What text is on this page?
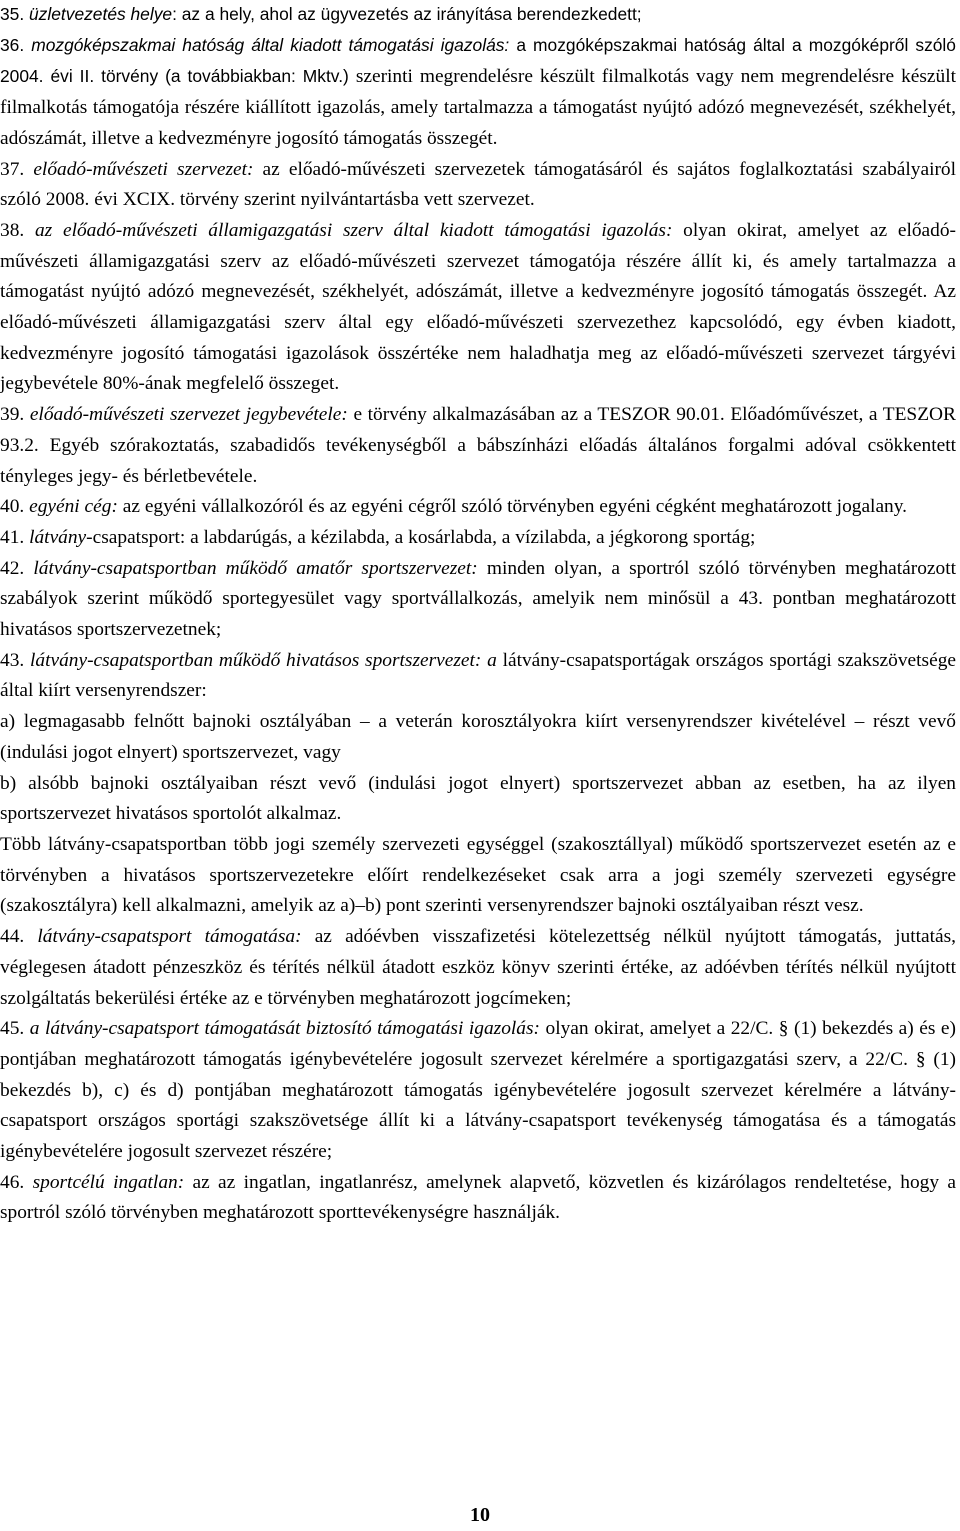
35. üzletvezetés helye: az a hely, ahol az ügyvezetés az irányítása berendezkedett;

36. mozgóképszakmai hatóság által kiadott támogatási igazolás: a mozgóképszakmai hatóság által a mozgóképről szóló 2004. évi II. törvény (a továbbiakban: Mktv.) szerinti megrendelésre készült filmalkotás vagy nem megrendelésre készült filmalkotás támogatója részére kiállított igazolás, amely tartalmazza a támogatást nyújtó adózó megnevezését, székhelyét, adószámát, illetve a kedvezményre jogosító támogatás összegét.

37. előadó-művészeti szervezet: az előadó-művészeti szervezetek támogatásáról és sajátos foglalkoztatási szabályairól szóló 2008. évi XCIX. törvény szerint nyilvántartásba vett szervezet.

38. az előadó-művészeti államigazgatási szerv által kiadott támogatási igazolás: olyan okirat, amelyet az előadó-művészeti államigazgatási szerv az előadó-művészeti szervezet támogatója részére állít ki, és amely tartalmazza a támogatást nyújtó adózó megnevezését, székhelyét, adószámát, illetve a kedvezményre jogosító támogatás összegét. Az előadó-művészeti államigazgatási szerv által egy előadó-művészeti szervezethez kapcsolódó, egy évben kiadott, kedvezményre jogosító támogatási igazolások összértéke nem haladhatja meg az előadó-művészeti szervezet tárgyévi jegybevétele 80%-ának megfelelő összeget.

39. előadó-művészeti szervezet jegybevétele: e törvény alkalmazásában az a TESZOR 90.01. Előadóművészet, a TESZOR 93.2. Egyéb szórakoztatás, szabadidős tevékenységből a bábszínházi előadás általános forgalmi adóval csökkentett tényleges jegy- és bérletbevétele.

40. egyéni cég: az egyéni vállalkozóról és az egyéni cégről szóló törvényben egyéni cégként meghatározott jogalany.

41. látvány-csapatsport: a labdarúgás, a kézilabda, a kosárlabda, a vízilabda, a jégkorong sportág;

42. látvány-csapatsportban működő amatőr sportszervezet: minden olyan, a sportról szóló törvényben meghatározott szabályok szerint működő sportegyesület vagy sportvállalkozás, amelyik nem minősül a 43. pontban meghatározott hivatásos sportszervezetnek;

43. látvány-csapatsportban működő hivatásos sportszervezet: a látvány-csapatsportágak országos sportági szakszövetsége által kiírt versenyrendszer:

a) legmagasabb felnőtt bajnoki osztályában – a veterán korosztályokra kiírt versenyrendszer kivételével – részt vevő (indulási jogot elnyert) sportszervezet, vagy

b) alsóbb bajnoki osztályaiban részt vevő (indulási jogot elnyert) sportszervezet abban az esetben, ha az ilyen sportszervezet hivatásos sportolót alkalmaz.

Több látvány-csapatsportban több jogi személy szervezeti egységgel (szakosztállyal) működő sportszervezet esetén az e törvényben a hivatásos sportszervezetekre előírt rendelkezéseket csak arra a jogi személy szervezeti egységre (szakosztályra) kell alkalmazni, amelyik az a)–b) pont szerinti versenyrendszer bajnoki osztályaiban részt vesz.

44. látvány-csapatsport támogatása: az adóévben visszafizetési kötelezettség nélkül nyújtott támogatás, juttatás, véglegesen átadott pénzeszköz és térítés nélkül átadott eszköz könyv szerinti értéke, az adóévben térítés nélkül nyújtott szolgáltatás bekerülési értéke az e törvényben meghatározott jogcímeken;

45. a látvány-csapatsport támogatását biztosító támogatási igazolás: olyan okirat, amelyet a 22/C. § (1) bekezdés a) és e) pontjában meghatározott támogatás igénybevételére jogosult szervezet kérelmére a sportigazgatási szerv, a 22/C. § (1) bekezdés b), c) és d) pontjában meghatározott támogatás igénybevételére jogosult szervezet kérelmére a látvány-csapatsport országos sportági szakszövetsége állít ki a látvány-csapatsport tevékenység támogatása és a támogatás igénybevételére jogosult szervezet részére;

46. sportcélú ingatlan: az az ingatlan, ingatlanrész, amelynek alapvető, közvetlen és kizárólagos rendeltetése, hogy a sportról szóló törvényben meghatározott sporttevékenységre használják.

10
